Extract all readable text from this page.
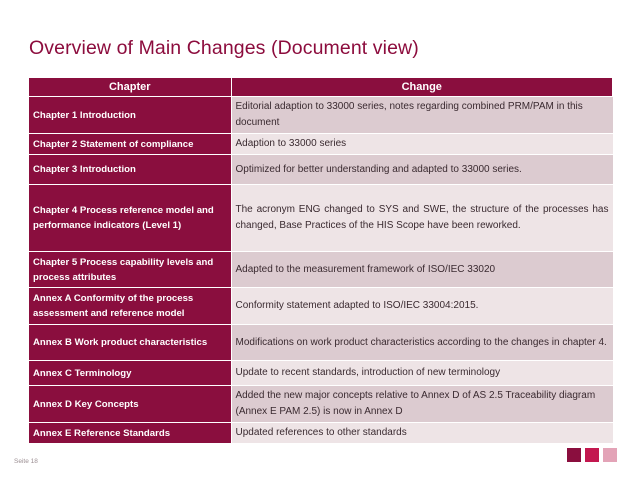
Overview of Main Changes (Document view)
Chapter	Change
Chapter 1 Introduction	Editorial adaption to 33000 series, notes regarding combined PRM/PAM in this document
Chapter 2 Statement of compliance	Adaption to 33000 series
Chapter 3 Introduction	Optimized for better understanding and adapted to 33000 series.
Chapter 4 Process reference model and performance indicators (Level 1)	The acronym ENG changed to SYS and SWE, the structure of the processes has changed, Base Practices of the HIS Scope have been reworked.
Chapter 5 Process capability levels and process attributes	Adapted to the measurement framework of ISO/IEC 33020
Annex A Conformity of the process assessment and reference model	Conformity statement adapted to ISO/IEC 33004:2015.
Annex B Work product characteristics	Modifications on work product characteristics according to the changes in chapter 4.
Annex C Terminology	Update to recent standards, introduction of new terminology
Annex D Key Concepts	Added the new major concepts relative to Annex D of AS 2.5 Traceability diagram (Annex E PAM 2.5) is now in Annex D
Annex E Reference Standards	Updated references to other standards
Seite 18
